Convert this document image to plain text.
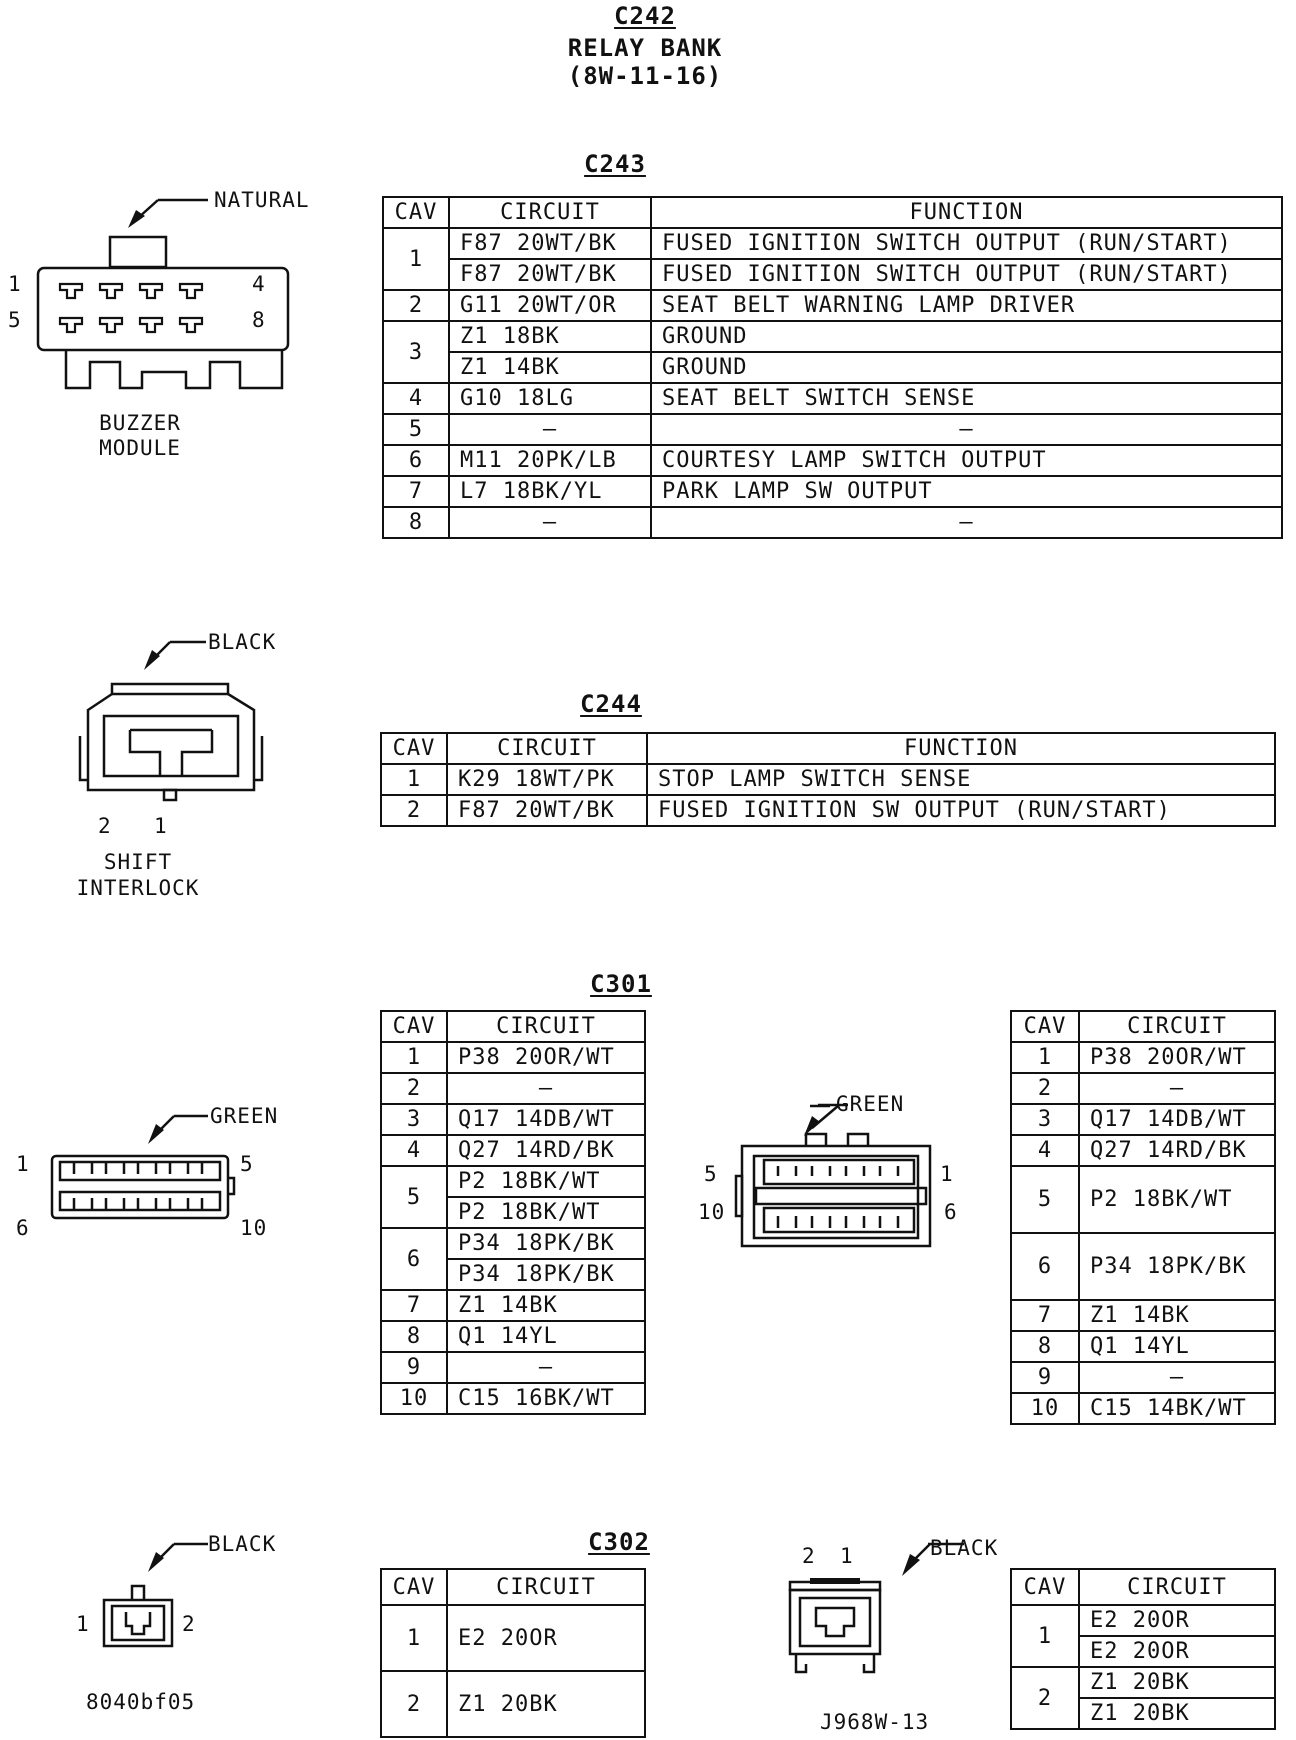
C242
RELAY BANK
(8W-11-16)
C243
CAV	CIRCUIT	FUNCTION
1	F87 20WT/BK	FUSED IGNITION SWITCH OUTPUT (RUN/START)
	F87 20WT/BK	FUSED IGNITION SWITCH OUTPUT (RUN/START)
2	G11 20WT/OR	SEAT BELT WARNING LAMP DRIVER
3	Z1 18BK	GROUND
	Z1 14BK	GROUND
4	G10 18LG	SEAT BELT SWITCH SENSE
5	–	–
6	M11 20PK/LB	COURTESY LAMP SWITCH OUTPUT
7	L7 18BK/YL	PARK LAMP SW OUTPUT
8	–	–
NATURAL
1	4
5	8
BUZZER
MODULE
C244
CAV	CIRCUIT	FUNCTION
1	K29 18WT/PK	STOP LAMP SWITCH SENSE
2	F87 20WT/BK	FUSED IGNITION SW OUTPUT (RUN/START)
BLACK
2 1
SHIFT
INTERLOCK
C301
CAV	CIRCUIT
1	P38 20OR/WT
2	–
3	Q17 14DB/WT
4	Q27 14RD/BK
5	P2 18BK/WT
	P2 18BK/WT
6	P34 18PK/BK
	P34 18PK/BK
7	Z1 14BK
8	Q1 14YL
9	–
10	C15 16BK/WT
CAV	CIRCUIT
1	P38 20OR/WT
2	–
3	Q17 14DB/WT
4	Q27 14RD/BK
5	P2 18BK/WT
6	P34 18PK/BK
7	Z1 14BK
8	Q1 14YL
9	–
10	C15 14BK/WT
GREEN
1	5
6	10
GREEN
5	1
10	6
C302
CAV	CIRCUIT
1	E2 20OR
2	Z1 20BK
CAV	CIRCUIT
1	E2 20OR
	E2 20OR
2	Z1 20BK
	Z1 20BK
BLACK
1	2
BLACK
2 1
8040bf05
J968W-13
